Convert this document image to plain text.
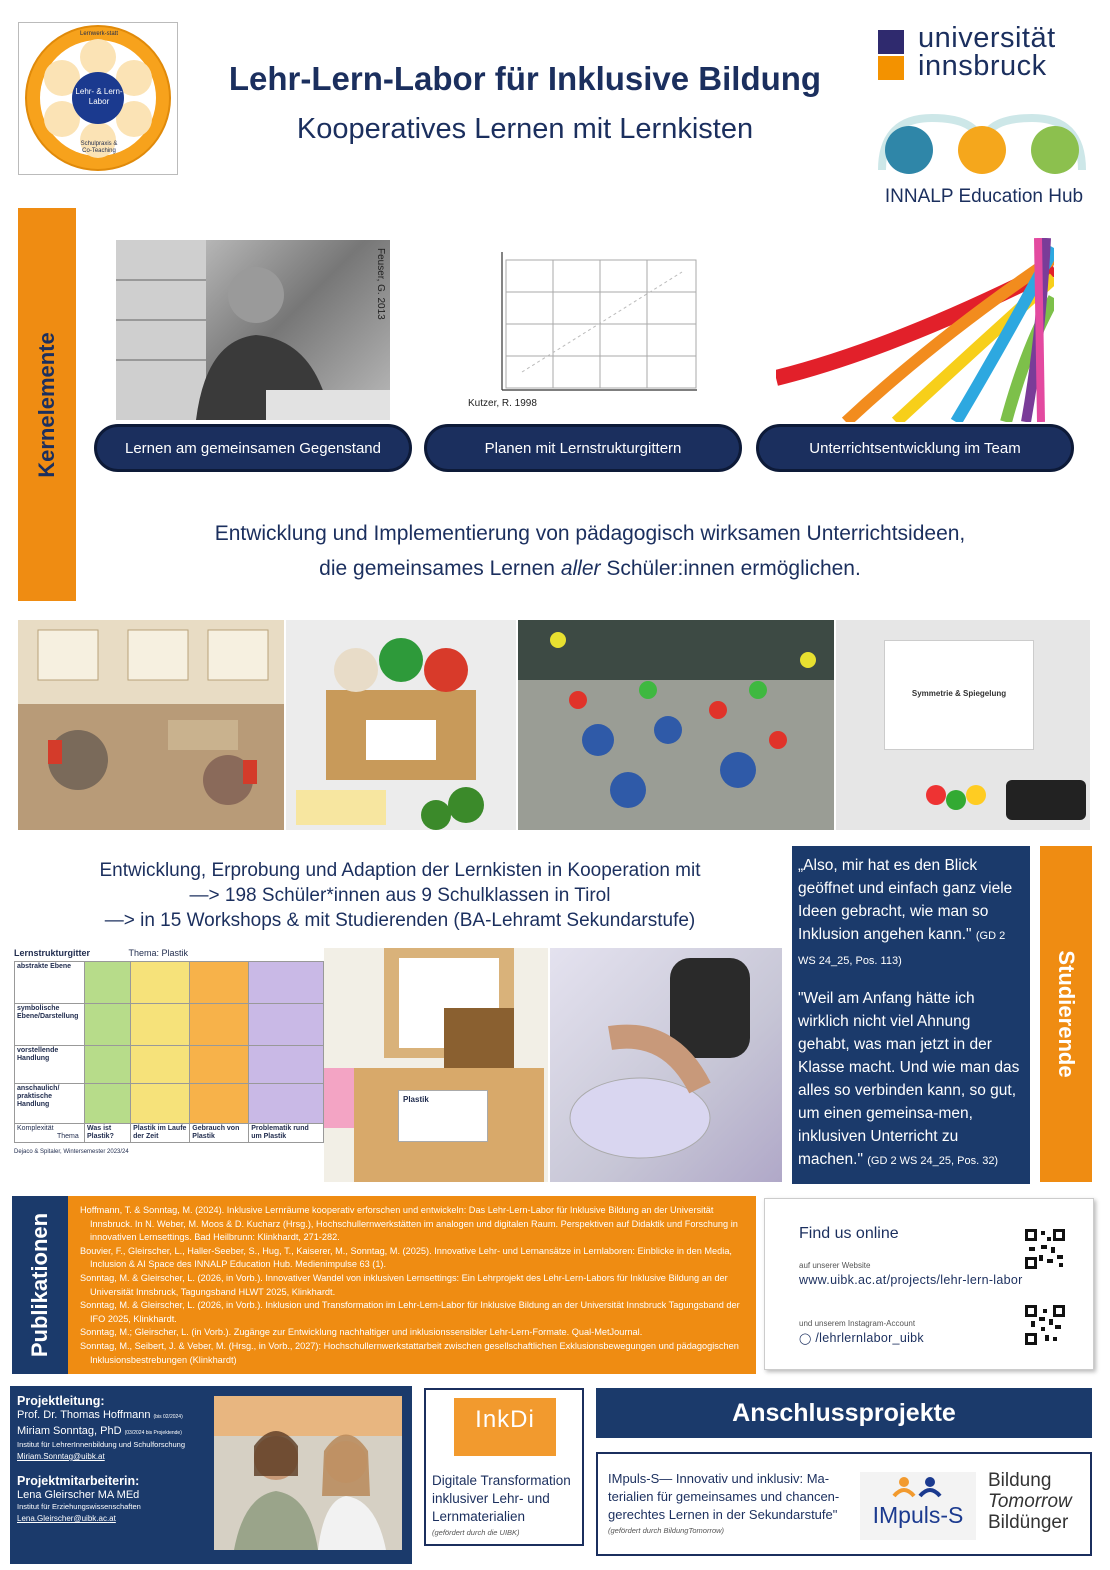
Lehr- & Lern- Labor
Lernwerk-statt
Schulpraxis & Co-Teaching
Lehr-Lern-Labor für Inklusive Bildung
Kooperatives Lernen mit Lernkisten
universität
innsbruck
INNALP Education Hub
Kernelemente
Feuser, G. 2013
Kutzer, R. 1998
Lernen am gemeinsamen Gegenstand	Planen mit Lernstrukturgittern	Unterrichtsentwicklung im Team
Entwicklung und Implementierung von pädagogisch wirksamen Unterrichtsideen,
die gemeinsames Lernen aller Schüler:innen ermöglichen.
Symmetrie & Spiegelung
Entwicklung, Erprobung und Adaption der Lernkisten in Kooperation mit
—> 198 Schüler*innen aus 9 Schulklassen in Tirol
—> in 15 Workshops & mit Studierenden (BA-Lehramt Sekundarstufe)
Lernstrukturgitter	Thema: Plastik
abstrakte Ebene				
symbolische Ebene/Darstellung				
vorstellende Handlung				
anschaulich/ praktische Handlung				
Komplexität
Thema	Was ist Plastik?	Plastik im Laufe der Zeit	Gebrauch von Plastik	Problematik rund um Plastik
Dejaco & Spitaler, Wintersemester 2023/24
Plastik
„Also, mir hat es den Blick geöffnet und einfach ganz viele Ideen gebracht, wie man so Inklusion angehen kann." (GD 2 WS 24_25, Pos. 113)
"Weil am Anfang hätte ich wirklich nicht viel Ahnung gehabt, was man jetzt in der Klasse macht. Und wie man das alles so verbinden kann, so gut, um einen gemeinsa-men, inklusiven Unterricht zu machen." (GD 2 WS 24_25, Pos. 32)
Studierende
Publikationen

Hoffmann, T. & Sonntag, M. (2024). Inklusive Lernräume kooperativ erforschen und entwickeln: Das Lehr-Lern-Labor für Inklusive Bildung an der Universität Innsbruck. In N. Weber, M. Moos & D. Kucharz (Hrsg.), Hochschullernwerkstätten im analogen und digitalen Raum. Perspektiven auf Didaktik und Forschung in innovativen Lernsettings. Bad Heilbrunn: Klinkhardt, 271-282.

Bouvier, F., Gleirscher, L., Haller-Seeber, S., Hug, T., Kaiserer, M., Sonntag, M. (2025). Innovative Lehr- und Lernansätze in Lernlaboren: Einblicke in den Media, Inclusion & AI Space des INNALP Education Hub. Medienimpulse 63 (1).

Sonntag, M. & Gleirscher, L. (2026, in Vorb.). Innovativer Wandel von inklusiven Lernsettings: Ein Lehrprojekt des Lehr-Lern-Labors für Inklusive Bildung an der Universität Innsbruck, Tagungsband HLWT 2025, Klinkhardt.

Sonntag, M. & Gleirscher, L. (2026, in Vorb.). Inklusion und Transformation im Lehr-Lern-Labor für Inklusive Bildung an der Universität Innsbruck Tagungsband der IFO 2025, Klinkhardt.

Sonntag, M.; Gleirscher, L. (in Vorb.). Zugänge zur Entwicklung nachhaltiger und inklusionssensibler Lehr-Lern-Formate. Qual-MetJournal.

Sonntag, M., Seibert, J. & Veber, M. (Hrsg., in Vorb., 2027): Hochschullernwerkstattarbeit zwischen gesellschaftlichen Exklusionsbewegungen und pädagogischen Inklusionsbestrebungen (Klinkhardt)

Find us online
auf unserer Website
www.uibk.ac.at/projects/lehr-lern-labor
und unserem Instagram-Account
◯ /lehrlernlabor_uibk
Projektleitung:
Prof. Dr. Thomas Hoffmann (bis 02/2024)
Miriam Sonntag, PhD (03/2024 bis Projektende)
Institut für LehrerInnenbildung und Schulforschung
Miriam.Sonntag@uibk.at
Projektmitarbeiterin:
Lena Gleirscher MA MEd
Institut für Erziehungswissenschaften
Lena.Gleirscher@uibk.ac.at
InkDi
Digitale Transformation inklusiver Lehr- und Lernmaterialien
(gefördert durch die UIBK)
Anschlussprojekte
IMpuls-S— Innovativ und inklusiv: Ma-terialien für gemeinsames und chancen-gerechtes Lernen in der Sekundarstufe"
(gefördert durch BildungTomorrow)
IMpuls-S
Bildung
Tomorrow
Bildünger
